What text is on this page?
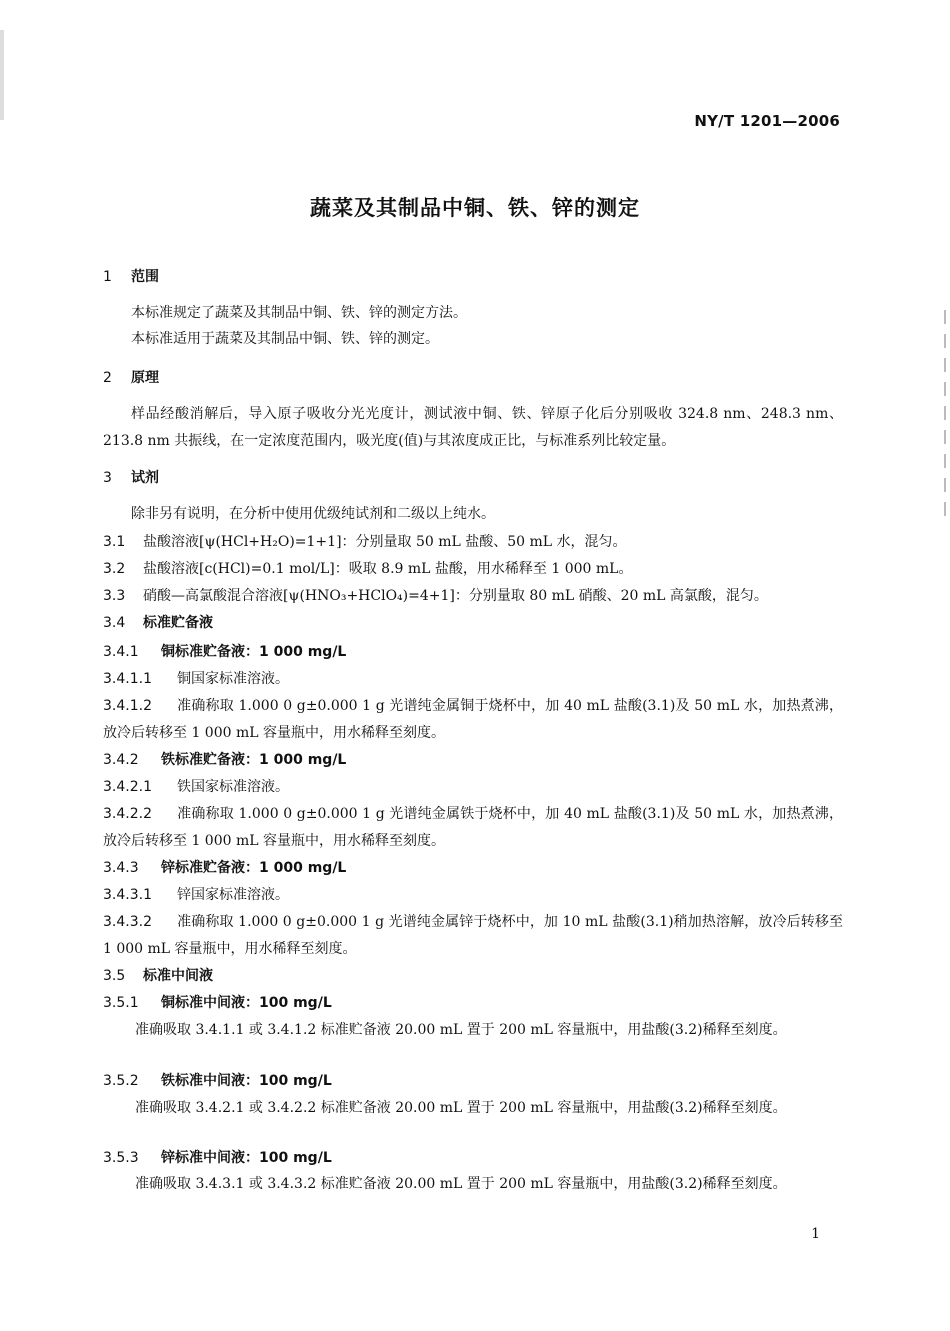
NY/T 1201—2006
蔬菜及其制品中铜、铁、锌的测定
1 范围
本标准规定了蔬菜及其制品中铜、铁、锌的测定方法。
本标准适用于蔬菜及其制品中铜、铁、锌的测定。
2 原理
样品经酸消解后，导入原子吸收分光光度计，测试液中铜、铁、锌原子化后分别吸收 324.8 nm、248.3 nm、213.8 nm 共振线，在一定浓度范围内，吸光度(值)与其浓度成正比，与标准系列比较定量。
3 试剂
除非另有说明，在分析中使用优级纯试剂和二级以上纯水。
3.1 盐酸溶液[ψ(HCl+H₂O)=1+1]：分别量取 50 mL 盐酸、50 mL 水，混匀。
3.2 盐酸溶液[c(HCl)=0.1 mol/L]：吸取 8.9 mL 盐酸，用水稀释至 1 000 mL。
3.3 硝酸—高氯酸混合溶液[ψ(HNO₃+HClO₄)=4+1]：分别量取 80 mL 硝酸、20 mL 高氯酸，混匀。
3.4 标准贮备液
3.4.1 铜标准贮备液：1 000 mg/L
3.4.1.1 铜国家标准溶液。
3.4.1.2 准确称取 1.000 0 g±0.000 1 g 光谱纯金属铜于烧杯中，加 40 mL 盐酸(3.1)及 50 mL 水，加热煮沸，放冷后转移至 1 000 mL 容量瓶中，用水稀释至刻度。
3.4.2 铁标准贮备液：1 000 mg/L
3.4.2.1 铁国家标准溶液。
3.4.2.2 准确称取 1.000 0 g±0.000 1 g 光谱纯金属铁于烧杯中，加 40 mL 盐酸(3.1)及 50 mL 水，加热煮沸，放冷后转移至 1 000 mL 容量瓶中，用水稀释至刻度。
3.4.3 锌标准贮备液：1 000 mg/L
3.4.3.1 锌国家标准溶液。
3.4.3.2 准确称取 1.000 0 g±0.000 1 g 光谱纯金属锌于烧杯中，加 10 mL 盐酸(3.1)稍加热溶解，放冷后转移至 1 000 mL 容量瓶中，用水稀释至刻度。
3.5 标准中间液
3.5.1 铜标准中间液：100 mg/L
准确吸取 3.4.1.1 或 3.4.1.2 标准贮备液 20.00 mL 置于 200 mL 容量瓶中，用盐酸(3.2)稀释至刻度。
3.5.2 铁标准中间液：100 mg/L
准确吸取 3.4.2.1 或 3.4.2.2 标准贮备液 20.00 mL 置于 200 mL 容量瓶中，用盐酸(3.2)稀释至刻度。
3.5.3 锌标准中间液：100 mg/L
准确吸取 3.4.3.1 或 3.4.3.2 标准贮备液 20.00 mL 置于 200 mL 容量瓶中，用盐酸(3.2)稀释至刻度。
1
